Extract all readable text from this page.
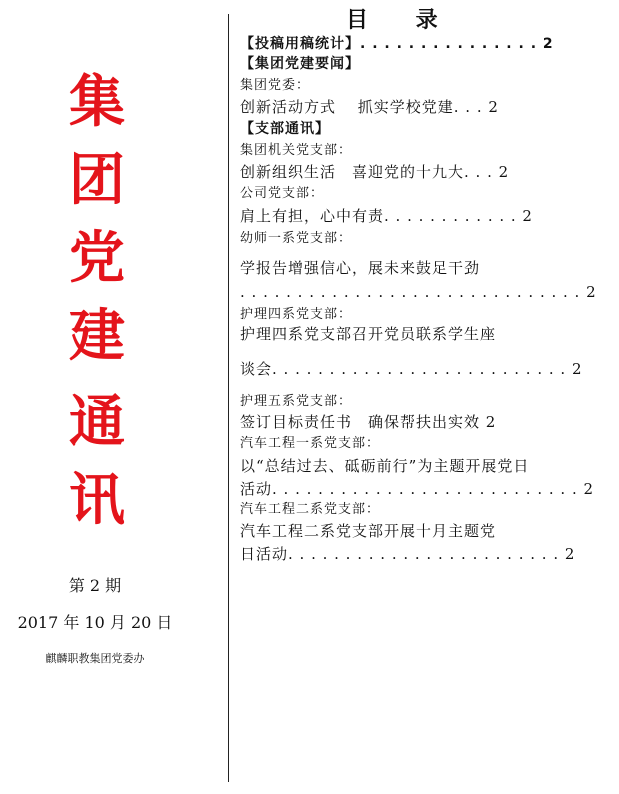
集
团
党
建
通
讯
第 2 期
2017 年 10 月 20 日
麒麟职教集团党委办
目 录
【投稿用稿统计】. . . . . . . . . . . . . . . 2
【集团党建要闻】
集团党委：
创新活动方式　 抓实学校党建. . . 2
【支部通讯】
集团机关党支部：
创新组织生活　喜迎党的十九大. . . 2
公司党支部：
肩上有担，心中有责. . . . . . . . . . . . 2
幼师一系党支部：
学报告增强信心，展未来鼓足干劲
. . . . . . . . . . . . . . . . . . . . . . . . . . . . . . 2
护理四系党支部：
护理四系党支部召开党员联系学生座
谈会. . . . . . . . . . . . . . . . . . . . . . . . . . 2
护理五系党支部：
签订目标责任书　确保帮扶出实效 2
汽车工程一系党支部：
以“总结过去、砥砺前行”为主题开展党日
活动. . . . . . . . . . . . . . . . . . . . . . . . . . . 2
汽车工程二系党支部：
汽车工程二系党支部开展十月主题党
日活动. . . . . . . . . . . . . . . . . . . . . . . . 2
